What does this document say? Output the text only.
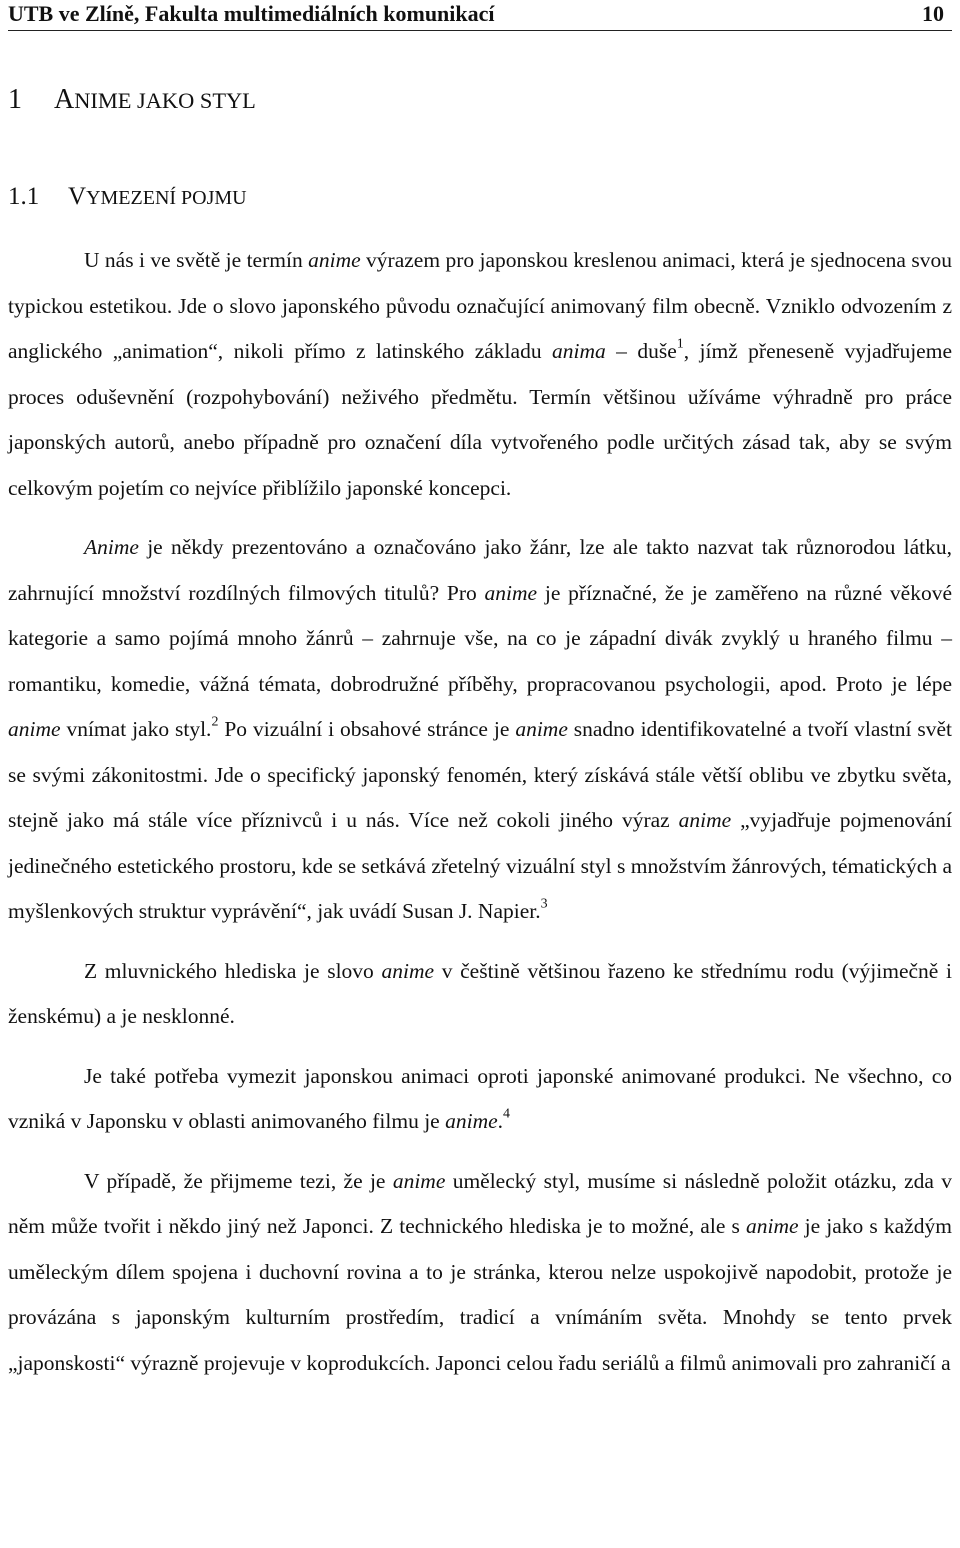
UTB ve Zlíně, Fakulta multimediálních komunikací	10
1 ANIME JAKO STYL
1.1 VYMEZENÍ POJMU

U nás i ve světě je termín anime výrazem pro japonskou kreslenou animaci, která je sjednocena svou typickou estetikou. Jde o slovo japonského původu označující animovaný film obecně. Vzniklo odvozením z anglického „animation“, nikoli přímo z latinského základu anima – duše$^1$, jímž přeneseně vyjadřujeme proces oduševnění (rozpohybování) neživého předmětu. Termín většinou užíváme výhradně pro práce japonských autorů, anebo případně pro označení díla vytvořeného podle určitých zásad tak, aby se svým celkovým pojetím co nejvíce přiblížilo japonské koncepci.

Anime je někdy prezentováno a označováno jako žánr, lze ale takto nazvat tak různorodou látku, zahrnující množství rozdílných filmových titulů? Pro anime je příznačné, že je zaměřeno na různé věkové kategorie a samo pojímá mnoho žánrů – zahrnuje vše, na co je západní divák zvyklý u hraného filmu – romantiku, komedie, vážná témata, dobrodružné příběhy, propracovanou psychologii, apod. Proto je lépe anime vnímat jako styl.$^2$ Po vizuální i obsahové stránce je anime snadno identifikovatelné a tvoří vlastní svět se svými zákonitostmi. Jde o specifický japonský fenomén, který získává stále větší oblibu ve zbytku světa, stejně jako má stále více příznivců i u nás. Více než cokoli jiného výraz anime „vyjadřuje pojmenování jedinečného estetického prostoru, kde se setkává zřetelný vizuální styl s množstvím žánrových, tématických a myšlenkových struktur vyprávění“, jak uvádí Susan J. Napier.$^3$

Z mluvnického hlediska je slovo anime v češtině většinou řazeno ke střednímu rodu (výjimečně i ženskému) a je nesklonné.

Je také potřeba vymezit japonskou animaci oproti japonské animované produkci. Ne všechno, co vzniká v Japonsku v oblasti animovaného filmu je anime.$^4$

V případě, že přijmeme tezi, že je anime umělecký styl, musíme si následně položit otázku, zda v něm může tvořit i někdo jiný než Japonci. Z technického hlediska je to možné, ale s anime je jako s každým uměleckým dílem spojena i duchovní rovina a to je stránka, kterou nelze uspokojivě napodobit, protože je provázána s japonským kulturním prostředím, tradicí a vnímáním světa. Mnohdy se tento prvek „japonskosti“ výrazně projevuje v koprodukcích. Japonci celou řadu seriálů a filmů animovali pro zahraničí a
